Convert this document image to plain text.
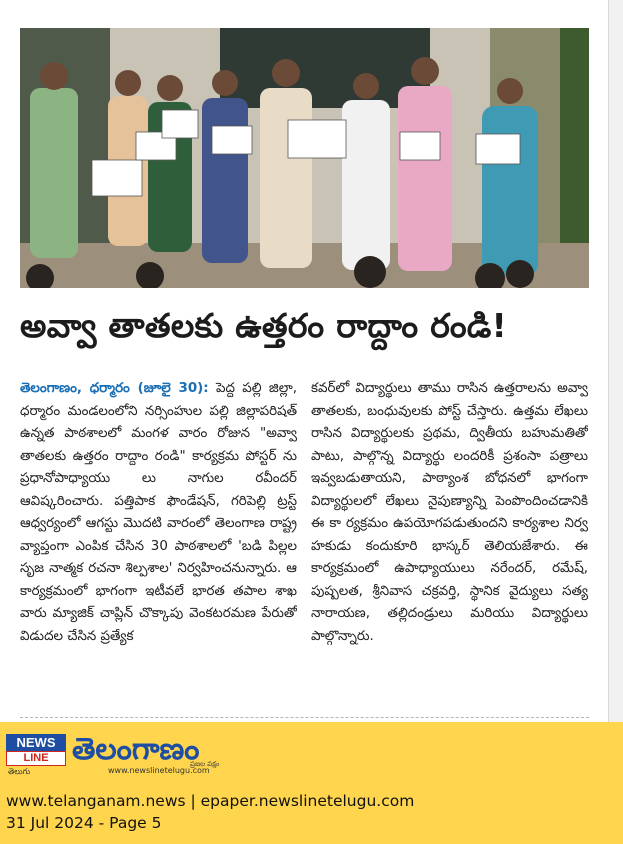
అవ్వా తాతలకు ఉత్తరం రాద్దాం రండి!
తెలంగాణం, ధర్మారం (జూలై 30): పెద్ద పల్లి జిల్లా, ధర్మారం మండలంలోని నర్సింహుల పల్లి జిల్లాపరిషత్ ఉన్నత పాఠశాలలో మంగళ వారం రోజున "అవ్వా తాతలకు ఉత్తరం రాద్దాం రండి" కార్యక్రమ పోస్టర్ ను ప్రధానోపాధ్యాయు లు నాగుల రవీందర్ ఆవిష్కరించారు. పత్తిపాక ఫౌండేషన్, గరిపెల్లి ట్రస్ట్ ఆధ్వర్యంలో ఆగస్టు మొదటి వారంలో తెలంగాణ రాష్ట్ర వ్యాప్తంగా ఎంపిక చేసిన 30 పాఠశాలలో 'బడి పిల్లల సృజ నాత్మక రచనా శిల్పశాల' నిర్వహించనున్నారు. ఆ కార్యక్రమంలో భాగంగా ఇటీవలే భారత తపాల శాఖ వారు మ్యాజిక్ చాప్లిన్ చొక్కాపు వెంకటరమణ పేరుతో విడుదల చేసిన ప్రత్యేక
కవర్‌లో విద్యార్థులు తాము రాసిన ఉత్తరాలను అవ్వా తాతలకు, బంధువులకు పోస్ట్ చేస్తారు. ఉత్తమ లేఖలు రాసిన విద్యార్థులకు ప్రథమ, ద్వితీయ బహుమతితో పాటు, పాల్గొన్న విద్యార్థు లందరికీ ప్రశంసా పత్రాలు ఇవ్వబడుతాయని, పాఠ్యాంశ బోధనలో భాగంగా విద్యార్థులలో లేఖలు నైపుణ్యాన్ని పెంపొందించడానికి ఈ కా ర్యక్రమం ఉపయోగపడుతుందని కార్యశాల నిర్వ హకుడు కందుకూరి భాస్కర్ తెలియజేశారు. ఈ కార్యక్రమంలో ఉపాధ్యాయులు నరేందర్, రమేష్, పుష్పలత, శ్రీనివాస చక్రవర్తి, స్థానిక వైద్యులు సత్య నారాయణ, తల్లిదండ్రులు మరియు విద్యార్థులు పాల్గొన్నారు.
NEWS
LINE
తెలుగు
తెలంగాణం
www.newslinetelugu.com
ప్రజల పక్షం
www.telanganam.news | epaper.newslinetelugu.com
31 Jul 2024 - Page 5
